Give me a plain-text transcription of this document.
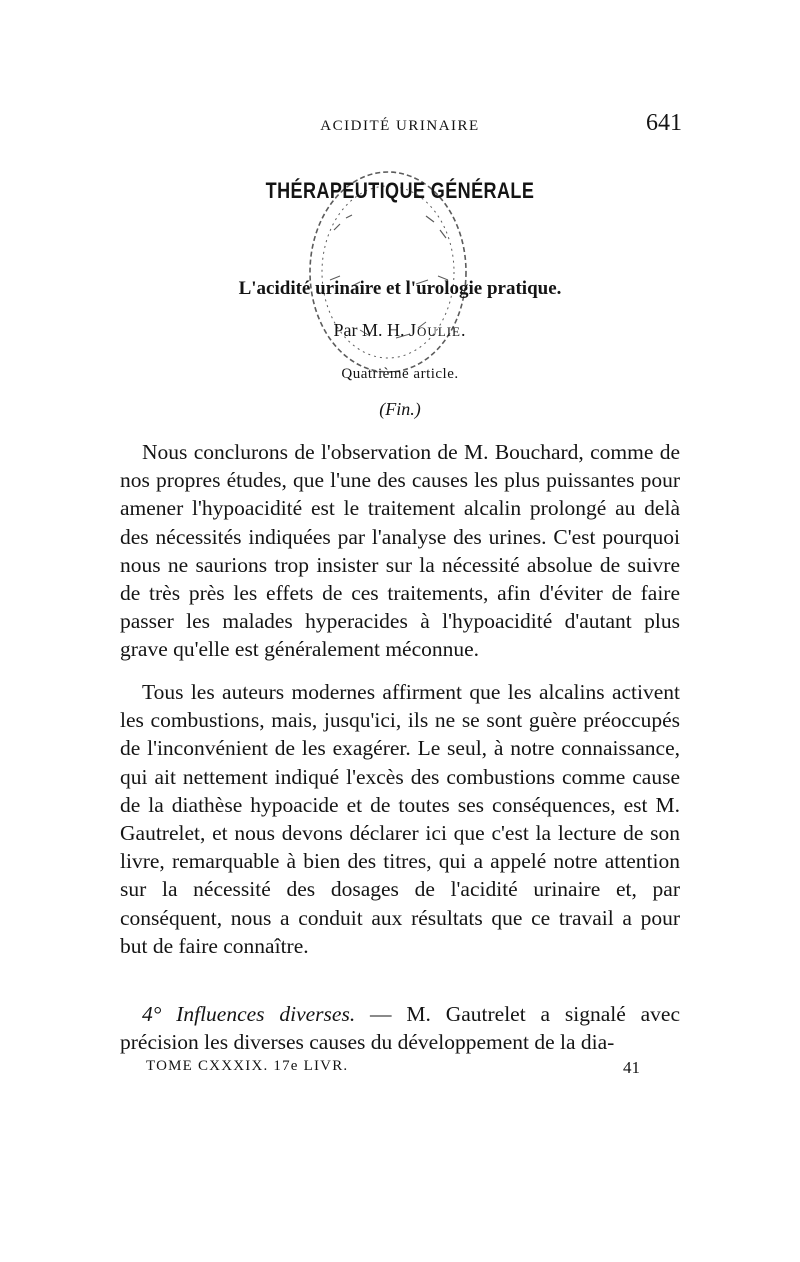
ACIDITÉ URINAIRE	641
THÉRAPEUTIQUE GÉNÉRALE
L'acidité urinaire et l'urologie pratique.
Par M. H. Joulie.
Quatrième article.
(Fin.)

Nous conclurons de l'observation de M. Bouchard, comme de nos propres études, que l'une des causes les plus puissantes pour amener l'hypoacidité est le traitement alcalin prolongé au delà des nécessités indiquées par l'analyse des urines. C'est pourquoi nous ne saurions trop insister sur la nécessité absolue de suivre de très près les effets de ces traitements, afin d'éviter de faire passer les malades hyperacides à l'hypoacidité d'autant plus grave qu'elle est généralement méconnue.

Tous les auteurs modernes affirment que les alcalins activent les combustions, mais, jusqu'ici, ils ne se sont guère préoccupés de l'inconvénient de les exagérer. Le seul, à notre connaissance, qui ait nettement indiqué l'excès des combustions comme cause de la diathèse hypoacide et de toutes ses conséquences, est M. Gautrelet, et nous devons déclarer ici que c'est la lecture de son livre, remarquable à bien des titres, qui a appelé notre attention sur la nécessité des dosages de l'acidité urinaire et, par conséquent, nous a conduit aux résultats que ce travail a pour but de faire connaître.

4° Influences diverses. — M. Gautrelet a signalé avec précision les diverses causes du développement de la dia-

TOME CXXXIX. 17e LIVR.	41
